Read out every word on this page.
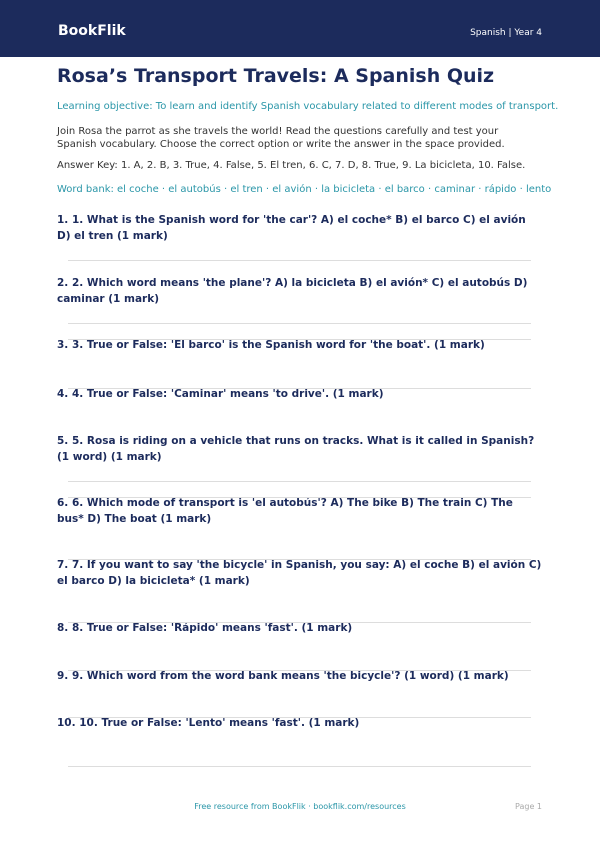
BookFlik	Spanish | Year 4
Rosa’s Transport Travels: A Spanish Quiz
Learning objective: To learn and identify Spanish vocabulary related to different modes of transport.
Join Rosa the parrot as she travels the world! Read the questions carefully and test your Spanish vocabulary. Choose the correct option or write the answer in the space provided.
Answer Key: 1. A, 2. B, 3. True, 4. False, 5. El tren, 6. C, 7. D, 8. True, 9. La bicicleta, 10. False.
Word bank: el coche · el autobús · el tren · el avión · la bicicleta · el barco · caminar · rápido · lento
1. 1. What is the Spanish word for 'the car'? A) el coche* B) el barco C) el avión D) el tren (1 mark)
2. 2. Which word means 'the plane'? A) la bicicleta B) el avión* C) el autobús D) caminar (1 mark)
3. 3. True or False: 'El barco' is the Spanish word for 'the boat'. (1 mark)
4. 4. True or False: 'Caminar' means 'to drive'. (1 mark)
5. 5. Rosa is riding on a vehicle that runs on tracks. What is it called in Spanish? (1 word) (1 mark)
6. 6. Which mode of transport is 'el autobús'? A) The bike B) The train C) The bus* D) The boat (1 mark)
7. 7. If you want to say 'the bicycle' in Spanish, you say: A) el coche B) el avión C) el barco D) la bicicleta* (1 mark)
8. 8. True or False: 'Rápido' means 'fast'. (1 mark)
9. 9. Which word from the word bank means 'the bicycle'? (1 word) (1 mark)
10. 10. True or False: 'Lento' means 'fast'. (1 mark)
Free resource from BookFlik · bookflik.com/resources	Page 1
